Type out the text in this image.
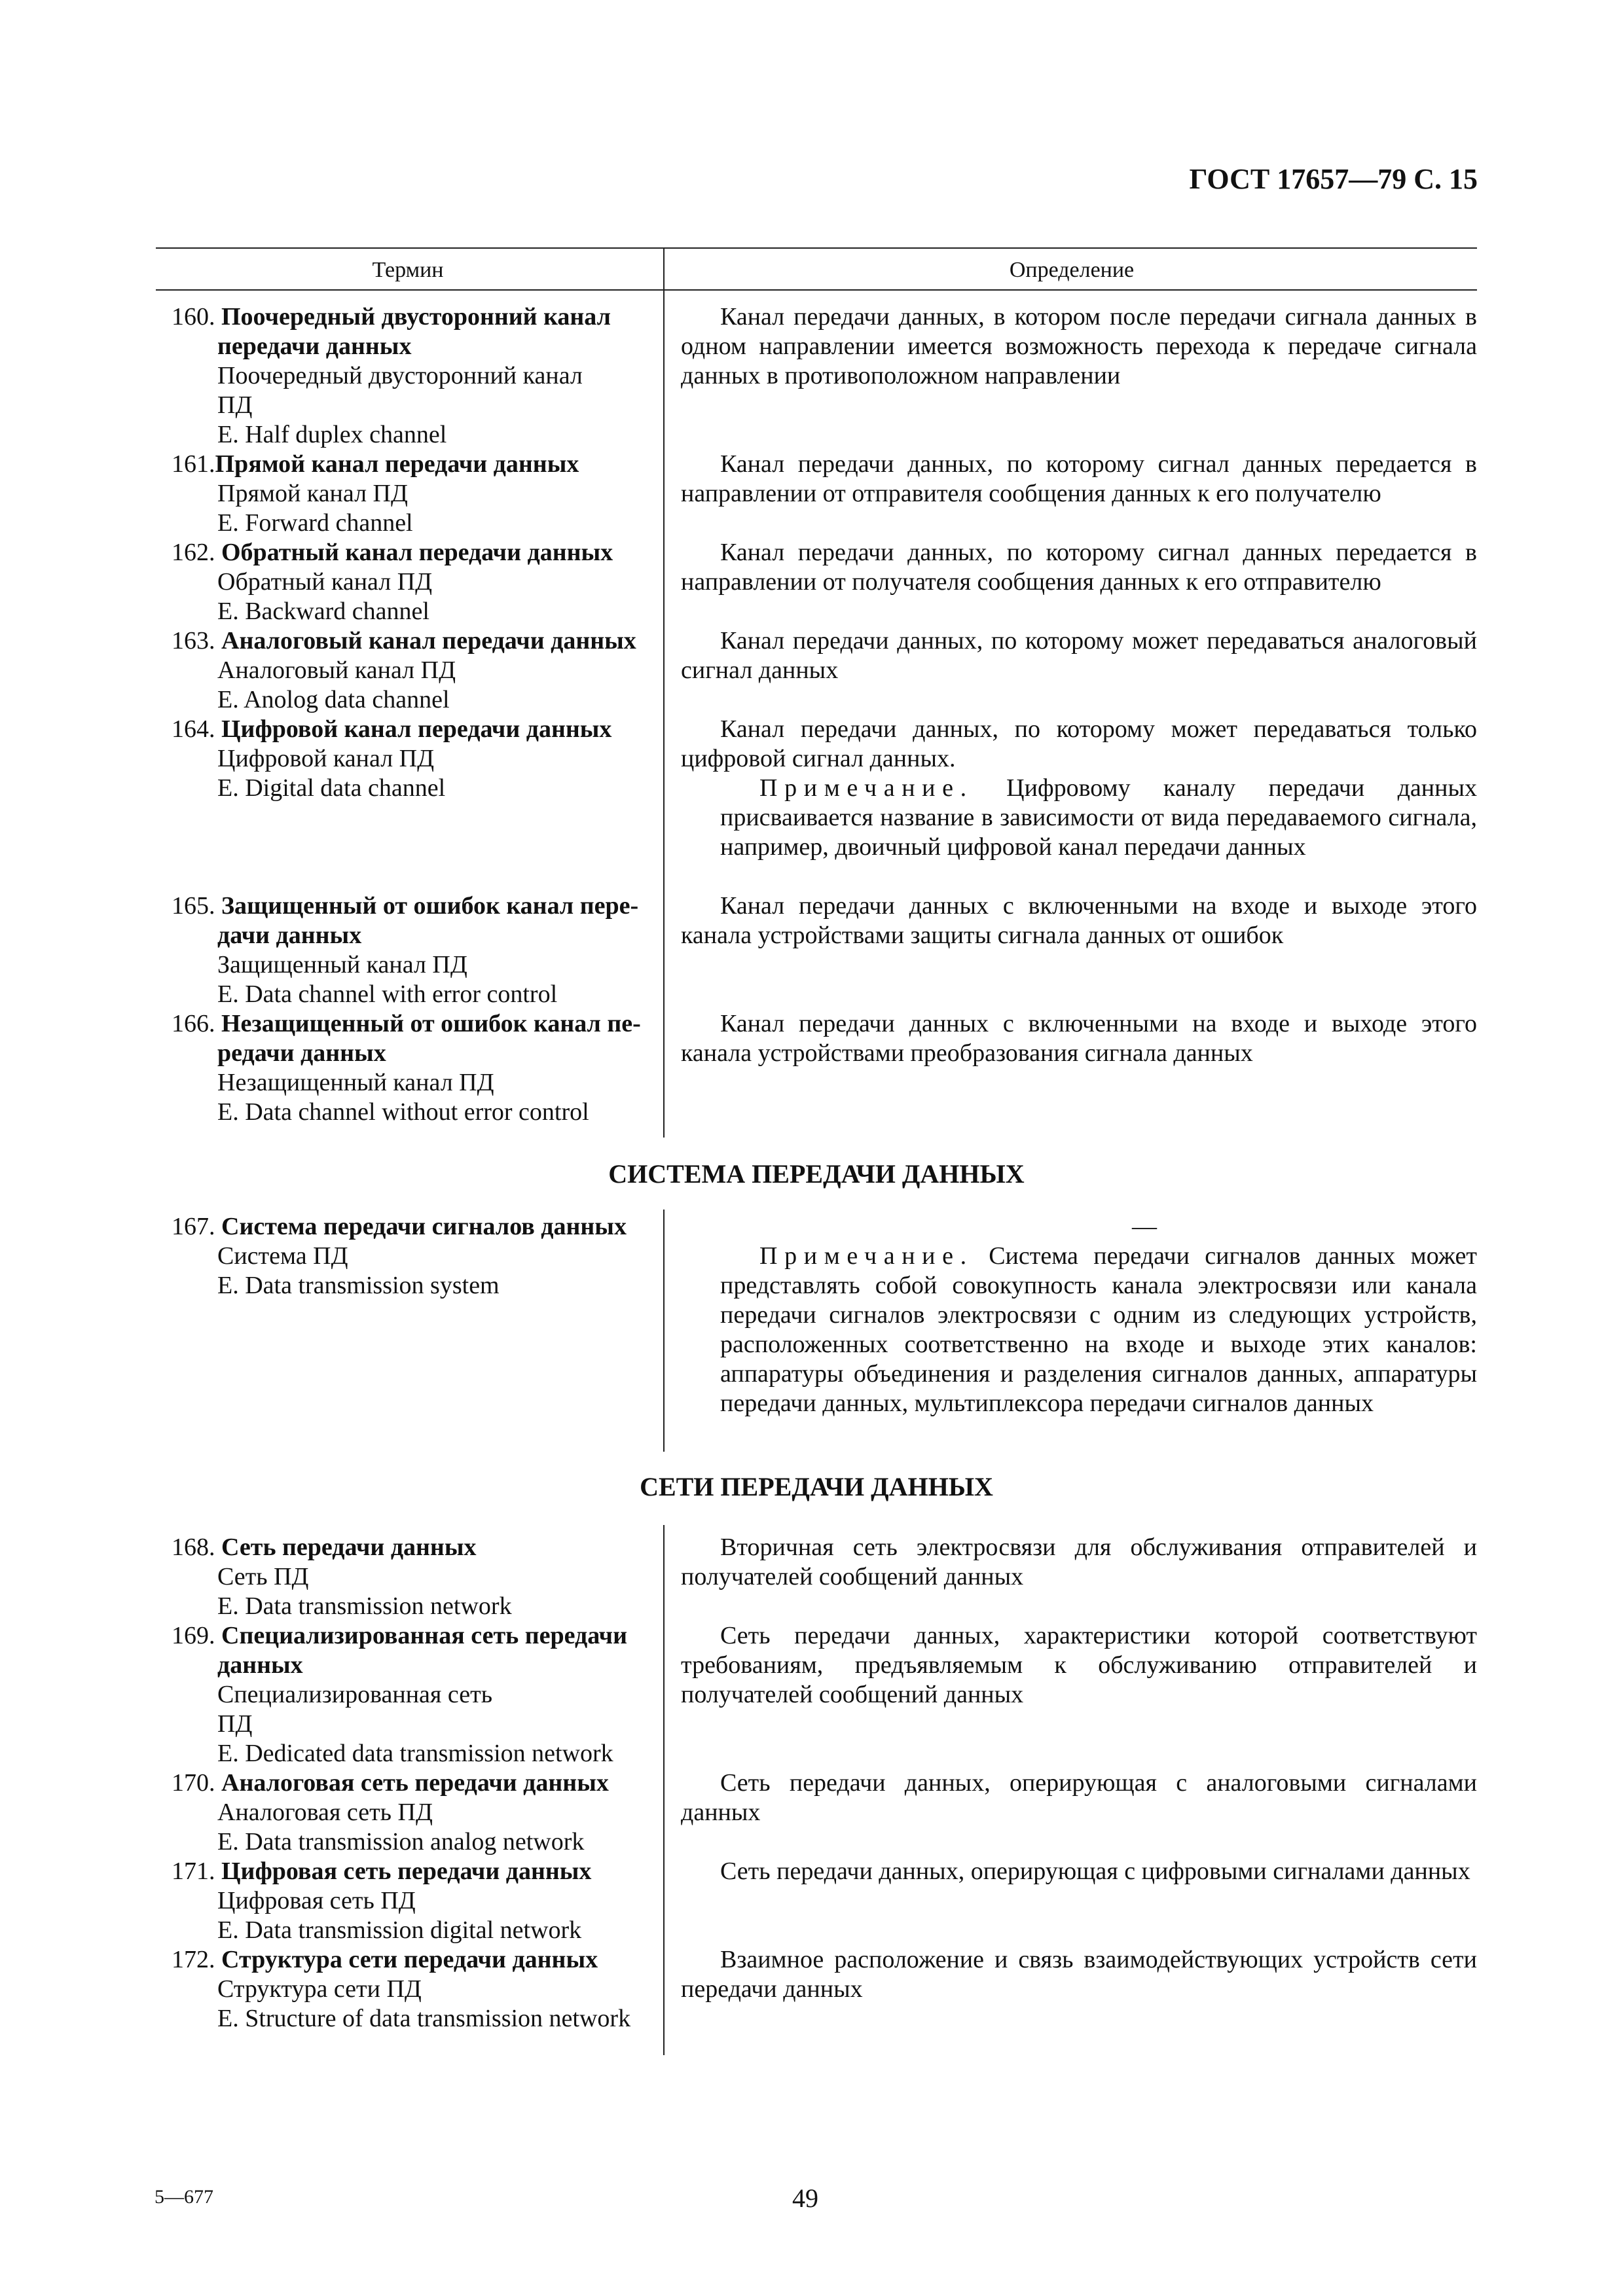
ГОСТ 17657—79 С. 15
Термин	Определение
160. Поочередный двусторонний канал
передачи данных
Поочередный двусторонний канал
ПД
E. Half duplex channel
Канал передачи данных, в котором после передачи сигнала данных в одном направлении имеется возможность перехода к передаче сигнала данных в противоположном направлении
161.Прямой канал передачи данных
Прямой канал ПД
E. Forward channel
Канал передачи данных, по которому сигнал данных передается в направлении от отправителя сообщения данных к его получателю
162. Обратный канал передачи данных
Обратный канал ПД
E. Backward channel
Канал передачи данных, по которому сигнал данных передается в направлении от получателя сообщения данных к его отправителю
163. Аналоговый канал передачи данных
Аналоговый канал ПД
E. Anolog data channel
Канал передачи данных, по которому может передаваться аналоговый сигнал данных
164. Цифровой канал передачи данных
Цифровой канал ПД
E. Digital data channel
Канал передачи данных, по которому может передаваться только цифровой сигнал данных.
Примечание. Цифровому каналу передачи данных присваивается название в зависимости от вида передаваемого сигнала, например, двоичный цифровой канал передачи данных
165. Защищенный от ошибок канал пере-
дачи данных
Защищенный канал ПД
E. Data channel with error control
Канал передачи данных с включенными на входе и выходе этого канала устройствами защиты сигнала данных от ошибок
166. Незащищенный от ошибок канал пе-
редачи данных
Незащищенный канал ПД
E. Data channel without error control
Канал передачи данных с включенными на входе и выходе этого канала устройствами преобразования сигнала данных
СИСТЕМА ПЕРЕДАЧИ ДАННЫХ
167. Система передачи сигналов данных
Система ПД
E. Data transmission system
—
Примечание. Система передачи сигналов данных может представлять собой совокупность канала электросвязи или канала передачи сигналов электросвязи с одним из следующих устройств, расположенных соответственно на входе и выходе этих каналов: аппаратуры объединения и разделения сигналов данных, аппаратуры передачи данных, мультиплексора передачи сигналов данных
СЕТИ ПЕРЕДАЧИ ДАННЫХ
168. Сеть передачи данных
Сеть ПД
E. Data transmission network
Вторичная сеть электросвязи для обслуживания отправителей и получателей сообщений данных
169. Специализированная сеть передачи
данных
Специализированная сеть
ПД
E. Dedicated data transmission network
Сеть передачи данных, характеристики которой соответствуют требованиям, предъявляемым к обслуживанию отправителей и получателей сообщений данных
170. Аналоговая сеть передачи данных
Аналоговая сеть ПД
E. Data transmission analog network
Сеть передачи данных, оперирующая с аналоговыми сигналами данных
171. Цифровая сеть передачи данных
Цифровая сеть ПД
E. Data transmission digital network
Сеть передачи данных, оперирующая с цифровыми сигналами данных
172. Структура сети передачи данных
Структура сети ПД
E. Structure of data transmission network
Взаимное расположение и связь взаимодействующих устройств сети передачи данных
5—677	49
